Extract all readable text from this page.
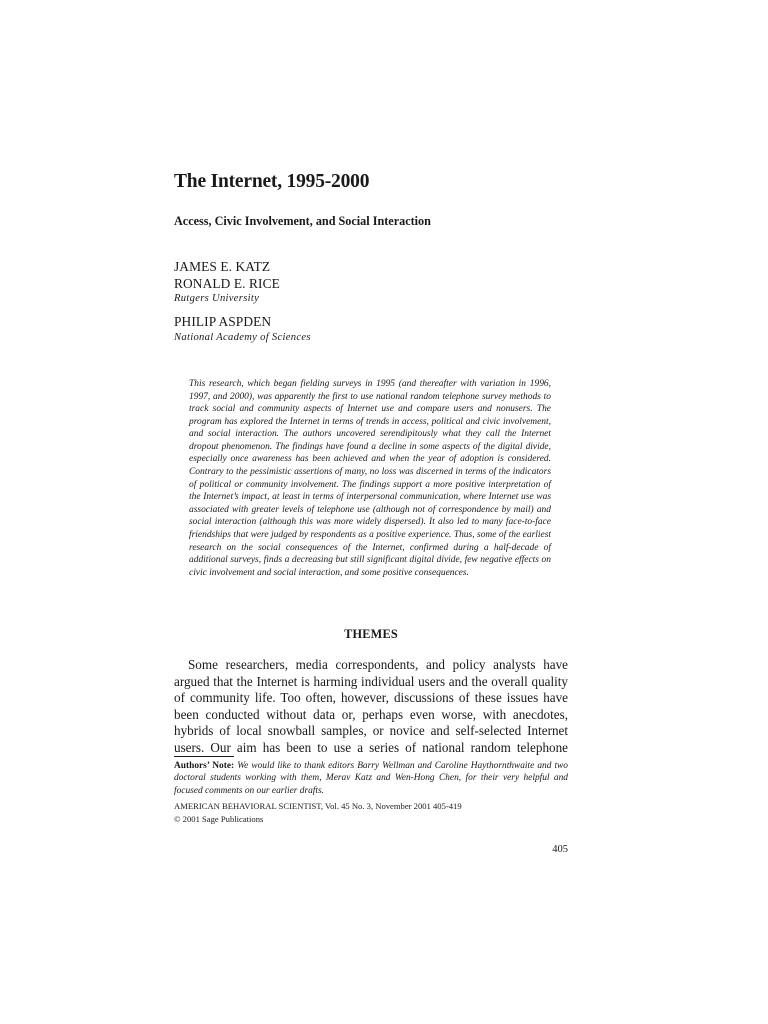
The Internet, 1995-2000
Access, Civic Involvement, and Social Interaction
JAMES E. KATZ
RONALD E. RICE
Rutgers University
PHILIP ASPDEN
National Academy of Sciences

This research, which began fielding surveys in 1995 (and thereafter with variation in 1996, 1997, and 2000), was apparently the first to use national random telephone survey methods to track social and community aspects of Internet use and compare users and nonusers. The program has explored the Internet in terms of trends in access, political and civic involvement, and social interaction. The authors uncovered serendipitously what they call the Internet dropout phenomenon. The findings have found a decline in some aspects of the digital divide, especially once awareness has been achieved and when the year of adoption is considered. Contrary to the pessimistic assertions of many, no loss was discerned in terms of the indicators of political or community involvement. The findings support a more positive interpretation of the Internet’s impact, at least in terms of interpersonal communication, where Internet use was associated with greater levels of telephone use (although not of correspondence by mail) and social interaction (although this was more widely dispersed). It also led to many face-to-face friendships that were judged by respondents as a positive experience. Thus, some of the earliest research on the social consequences of the Internet, confirmed during a half-decade of additional surveys, finds a decreasing but still significant digital divide, few negative effects on civic involvement and social interaction, and some positive consequences.

THEMES

Some researchers, media correspondents, and policy analysts have argued that the Internet is harming individual users and the overall quality of community life. Too often, however, discussions of these issues have been conducted without data or, perhaps even worse, with anecdotes, hybrids of local snowball samples, or novice and self-selected Internet users. Our aim has been to use a series of national random telephone

Authors’ Note: We would like to thank editors Barry Wellman and Caroline Haythornthwaite and two doctoral students working with them, Merav Katz and Wen-Hong Chen, for their very helpful and focused comments on our earlier drafts.

AMERICAN BEHAVIORAL SCIENTIST, Vol. 45 No. 3, November 2001 405-419
© 2001 Sage Publications

405
